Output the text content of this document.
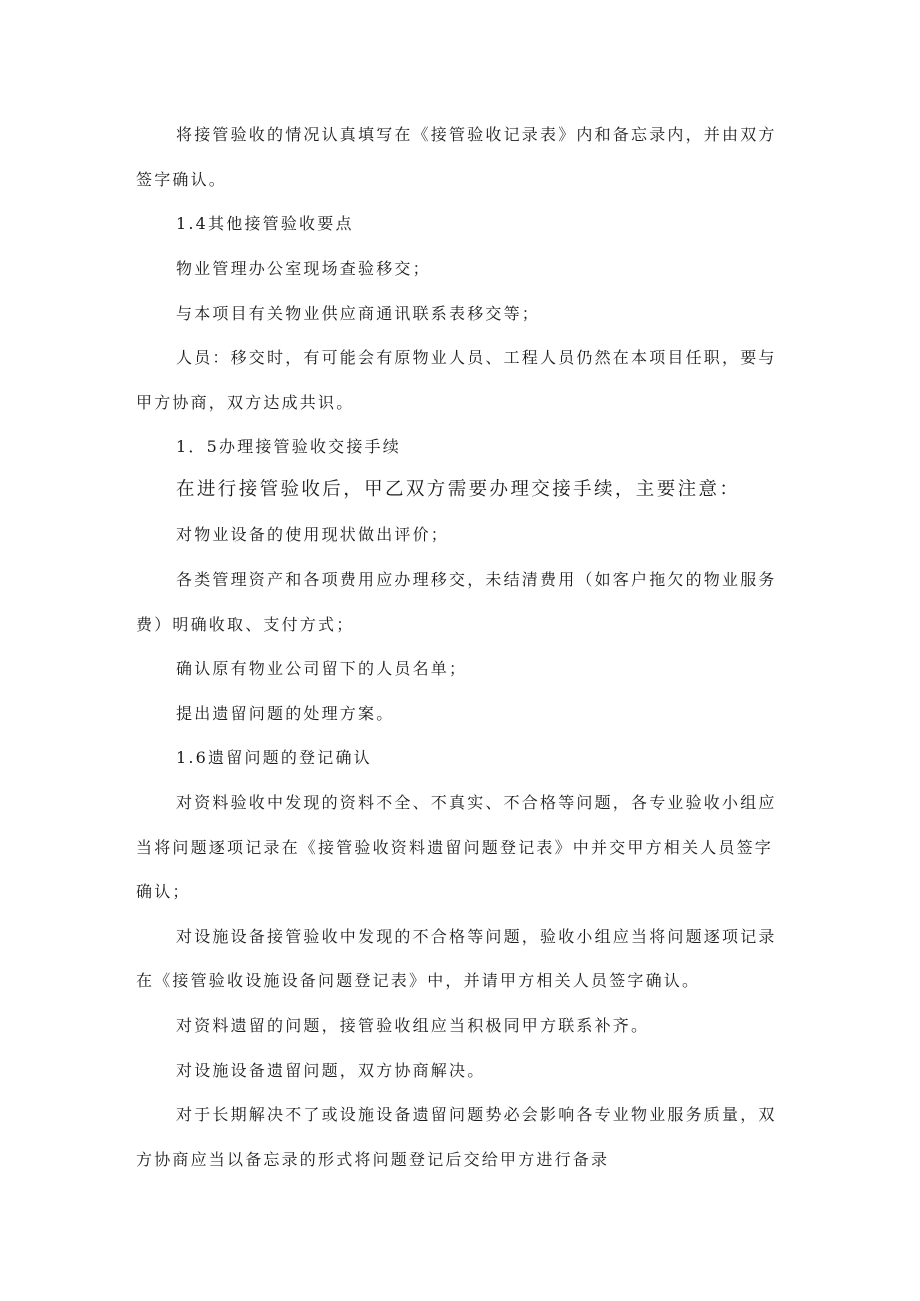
将接管验收的情况认真填写在《接管验收记录表》内和备忘录内，并由双方
签字确认。
1.4其他接管验收要点
物业管理办公室现场查验移交；
与本项目有关物业供应商通讯联系表移交等；
人员：移交时，有可能会有原物业人员、工程人员仍然在本项目任职，要与
甲方协商，双方达成共识。
1．5办理接管验收交接手续
在进行接管验收后，甲乙双方需要办理交接手续，主要注意：
对物业设备的使用现状做出评价；
各类管理资产和各项费用应办理移交，未结清费用（如客户拖欠的物业服务
费）明确收取、支付方式；
确认原有物业公司留下的人员名单；
提出遗留问题的处理方案。
1.6遗留问题的登记确认
对资料验收中发现的资料不全、不真实、不合格等问题，各专业验收小组应
当将问题逐项记录在《接管验收资料遗留问题登记表》中并交甲方相关人员签字
确认；
对设施设备接管验收中发现的不合格等问题，验收小组应当将问题逐项记录
在《接管验收设施设备问题登记表》中，并请甲方相关人员签字确认。
对资料遗留的问题，接管验收组应当积极同甲方联系补齐。
对设施设备遗留问题，双方协商解决。
对于长期解决不了或设施设备遗留问题势必会影响各专业物业服务质量，双
方协商应当以备忘录的形式将问题登记后交给甲方进行备录
